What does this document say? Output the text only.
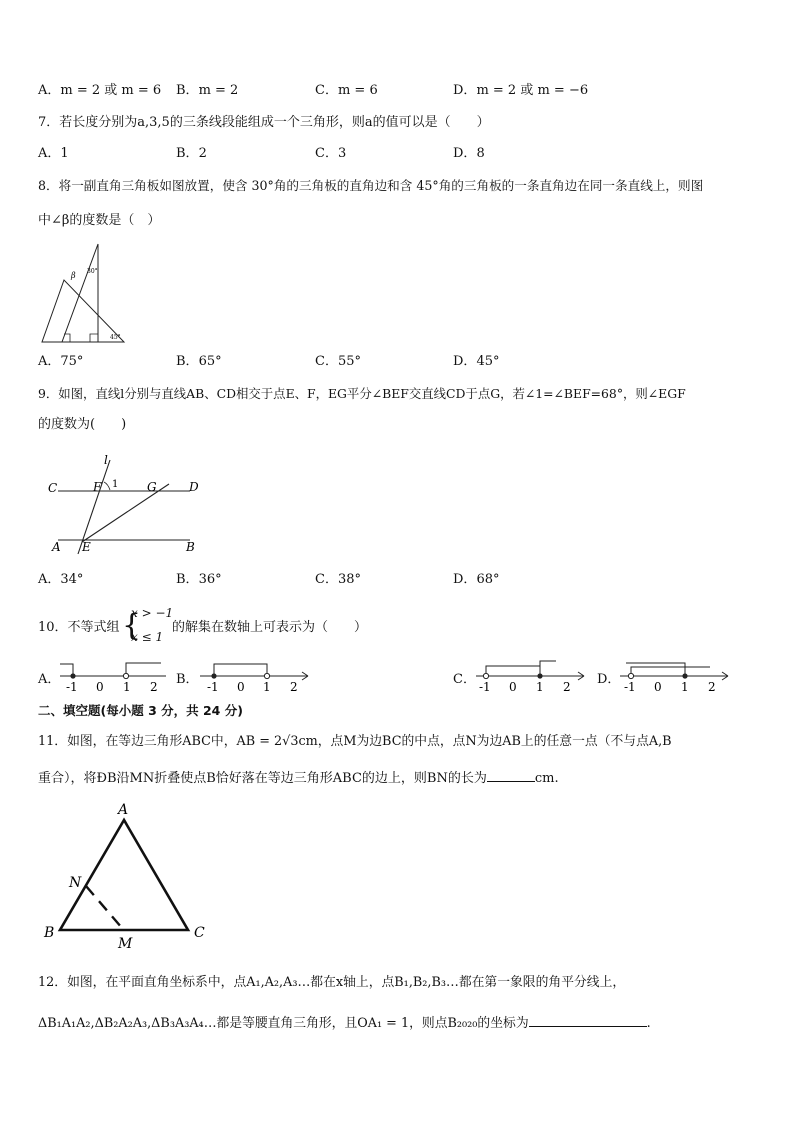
A．m = 2 或 m = 6 B．m = 2	C．m = 6	D．m = 2 或 m = −6
7．若长度分别为a,3,5的三条线段能组成一个三角形，则a的值可以是（　　）
A．1	B．2	C．3	D．8
8．将一副直角三角板如图放置，使含 30°角的三角板的直角边和含 45°角的三角板的一条直角边在同一条直线上，则图
中∠β的度数是（　）
β 30°
45°
A．75°	B．65°	C．55°	D．45°
9．如图，直线l分别与直线AB、CD相交于点E、F，EG平分∠BEF交直线CD于点G，若∠1=∠BEF=68°，则∠EGF
的度数为(　　)
l
C	F 1 G	D
A E	B
A．34°	B．36°	C．38°	D．68°
10．不等式组 {
x > −1
x ≤ 1
的解集在数轴上可表示为（　　）
A． -1 0 1 2 B． -1 0 1 2	C． -1 0 1 2 D． -1 0 1 2
二、填空题(每小题 3 分，共 24 分)
11．如图，在等边三角形ABC中，AB = 2√3cm，点M为边BC的中点，点N为边AB上的任意一点（不与点A,B
重合），将ÐB沿MN折叠使点B恰好落在等边三角形ABC的边上，则BN的长为	cm.
A
N
B
M
C
12．如图，在平面直角坐标系中，点A₁,A₂,A₃…都在x轴上，点B₁,B₂,B₃…都在第一象限的角平分线上，
ΔB₁A₁A₂,ΔB₂A₂A₃,ΔB₃A₃A₄…都是等腰直角三角形，且OA₁ = 1，则点B₂₀₂₀的坐标为	.
